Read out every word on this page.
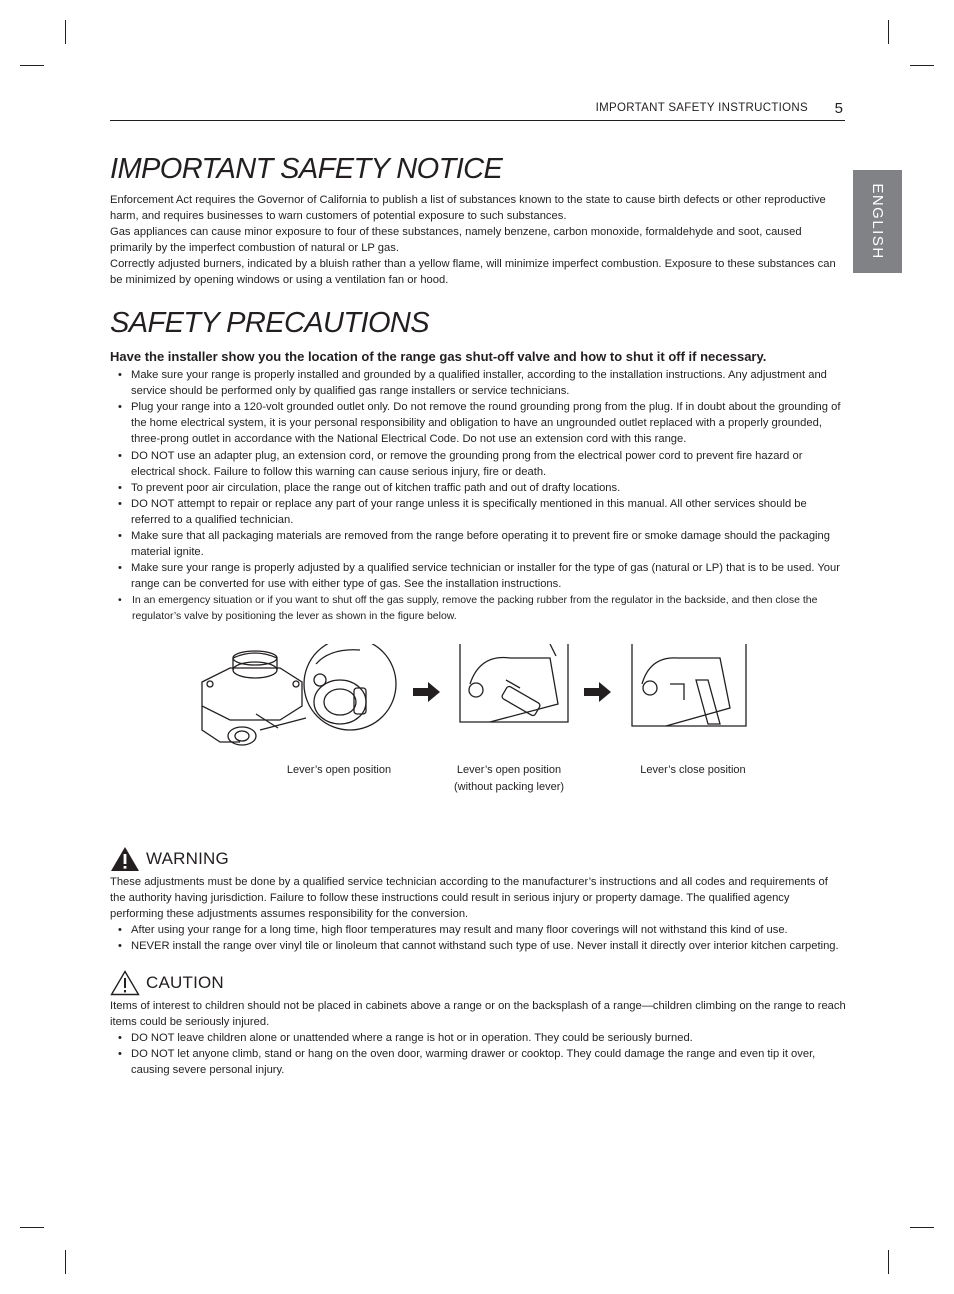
IMPORTANT SAFETY INSTRUCTIONS 5
ENGLISH
IMPORTANT SAFETY NOTICE

Enforcement Act requires the Governor of California to publish a list of substances known to the state to cause birth defects or other reproductive harm, and requires businesses to warn customers of potential exposure to such substances.

Gas appliances can cause minor exposure to four of these substances, namely benzene, carbon monoxide, formaldehyde and soot, caused primarily by the imperfect combustion of natural or LP gas.

Correctly adjusted burners, indicated by a bluish rather than a yellow flame, will minimize imperfect combustion. Exposure to these substances can be minimized by opening windows or using a ventilation fan or hood.

SAFETY PRECAUTIONS

Have the installer show you the location of the range gas shut-off valve and how to shut it off if necessary.

• Make sure your range is properly installed and grounded by a qualified installer, according to the installation instructions. Any adjustment and service should be performed only by qualified gas range installers or service technicians.
• Plug your range into a 120-volt grounded outlet only. Do not remove the round grounding prong from the plug. If in doubt about the grounding of the home electrical system, it is your personal responsibility and obligation to have an ungrounded outlet replaced with a properly grounded, three-prong outlet in accordance with the National Electrical Code. Do not use an extension cord with this range.
• DO NOT use an adapter plug, an extension cord, or remove the grounding prong from the electrical power cord to prevent fire hazard or electrical shock. Failure to follow this warning can cause serious injury, fire or death.
• To prevent poor air circulation, place the range out of kitchen traffic path and out of drafty locations.
• DO NOT attempt to repair or replace any part of your range unless it is specifically mentioned in this manual. All other services should be referred to a qualified technician.
• Make sure that all packaging materials are removed from the range before operating it to prevent fire or smoke damage should the packaging material ignite.
• Make sure your range is properly adjusted by a qualified service technician or installer for the type of gas (natural or LP) that is to be used. Your range can be converted for use with either type of gas. See the installation instructions.
• In an emergency situation or if you want to shut off the gas supply, remove the packing rubber from the regulator in the backside, and then close the regulator’s valve by positioning the lever as shown in the figure below.
Lever’s open position	Lever’s open position
(without packing lever)
Lever’s close position
WARNING

These adjustments must be done by a qualified service technician according to the manufacturer’s instructions and all codes and requirements of the authority having jurisdiction. Failure to follow these instructions could result in serious injury or property damage. The qualified agency performing these adjustments assumes responsibility for the conversion.

• After using your range for a long time, high floor temperatures may result and many floor coverings will not withstand this kind of use.
• NEVER install the range over vinyl tile or linoleum that cannot withstand such type of use. Never install it directly over interior kitchen carpeting.
CAUTION

Items of interest to children should not be placed in cabinets above a range or on the backsplash of a range—children climbing on the range to reach items could be seriously injured.

• DO NOT leave children alone or unattended where a range is hot or in operation. They could be seriously burned.
• DO NOT let anyone climb, stand or hang on the oven door, warming drawer or cooktop. They could damage the range and even tip it over, causing severe personal injury.
